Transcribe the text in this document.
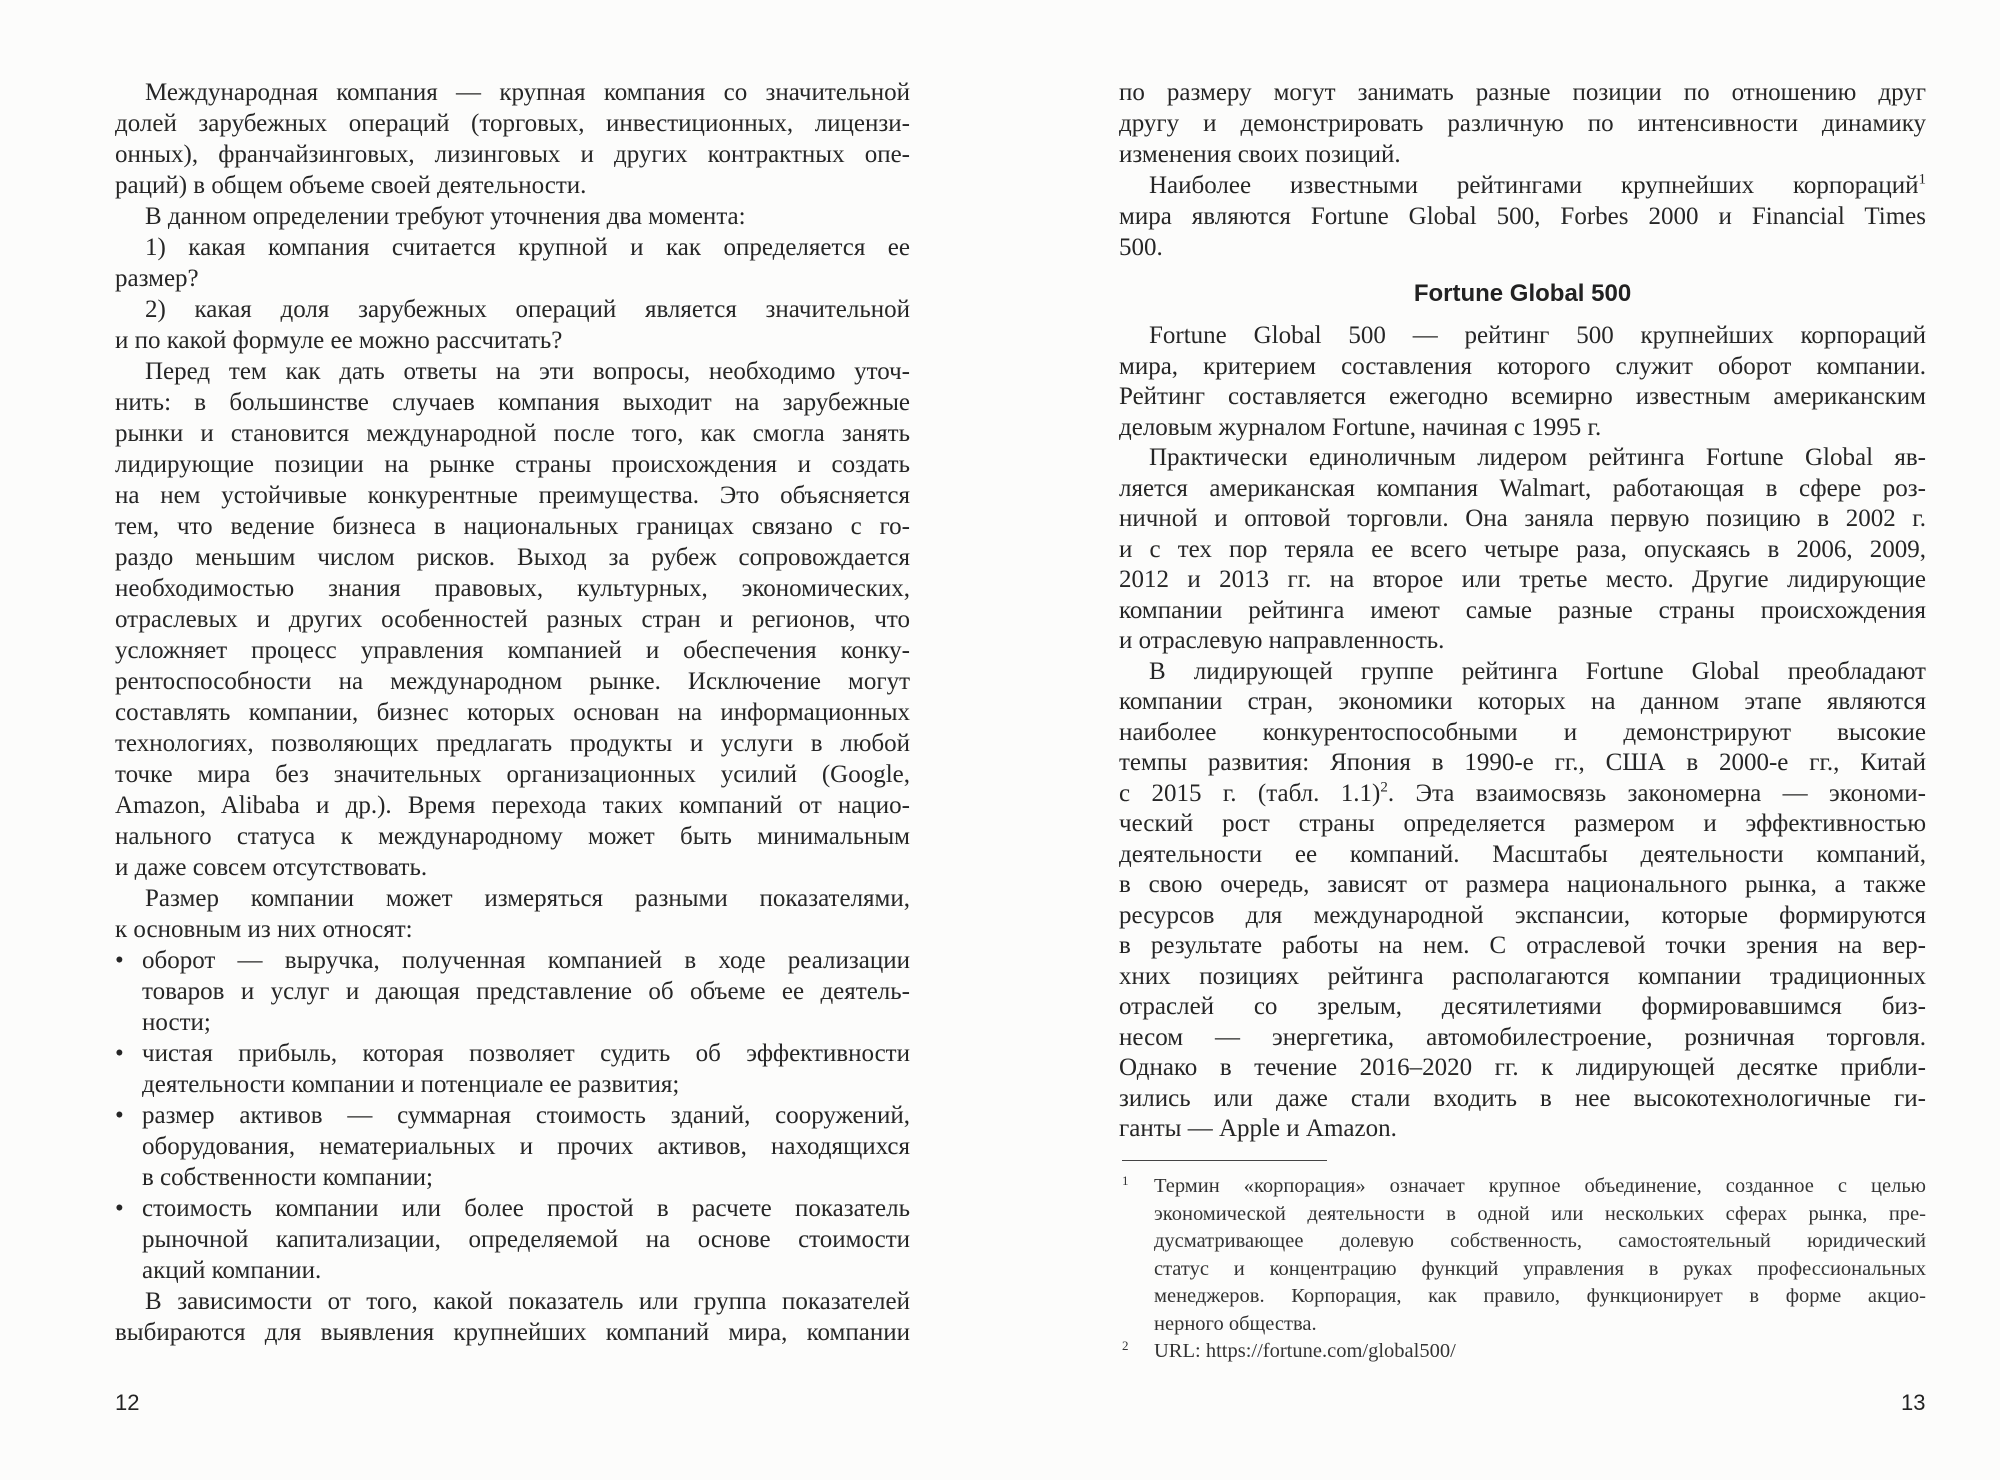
Международная компания — крупная компания со значительной
долей зарубежных операций (торговых, инвестиционных, лицензи-
онных), франчайзинговых, лизинговых и других контрактных опе-
раций) в общем объеме своей деятельности.
В данном определении требуют уточнения два момента:
1) какая компания считается крупной и как определяется ее
размер?
2) какая доля зарубежных операций является значительной
и по какой формуле ее можно рассчитать?
Перед тем как дать ответы на эти вопросы, необходимо уточ-
нить: в большинстве случаев компания выходит на зарубежные
рынки и становится международной после того, как смогла занять
лидирующие позиции на рынке страны происхождения и создать
на нем устойчивые конкурентные преимущества. Это объясняется
тем, что ведение бизнеса в национальных границах связано с го-
раздо меньшим числом рисков. Выход за рубеж сопровождается
необходимостью знания правовых, культурных, экономических,
отраслевых и других особенностей разных стран и регионов, что
усложняет процесс управления компанией и обеспечения конку-
рентоспособности на международном рынке. Исключение могут
составлять компании, бизнес которых основан на информационных
технологиях, позволяющих предлагать продукты и услуги в любой
точке мира без значительных организационных усилий (Google,
Amazon, Alibaba и др.). Время перехода таких компаний от нацио-
нального статуса к международному может быть минимальным
и даже совсем отсутствовать.
Размер компании может измеряться разными показателями,
к основным из них относят:
• оборот — выручка, полученная компанией в ходе реализации
товаров и услуг и дающая представление об объеме ее деятель-
ности;
• чистая прибыль, которая позволяет судить об эффективности
деятельности компании и потенциале ее развития;
• размер активов — суммарная стоимость зданий, сооружений,
оборудования, нематериальных и прочих активов, находящихся
в собственности компании;
• стоимость компании или более простой в расчете показатель
рыночной капитализации, определяемой на основе стоимости
акций компании.
В зависимости от того, какой показатель или группа показателей
выбираются для выявления крупнейших компаний мира, компании
по размеру могут занимать разные позиции по отношению друг
другу и демонстрировать различную по интенсивности динамику
изменения своих позиций.
Наиболее известными рейтингами крупнейших корпораций$^1$
мира являются Fortune Global 500, Forbes 2000 и Financial Times
500.
Fortune Global 500
Fortune Global 500 — рейтинг 500 крупнейших корпораций
мира, критерием составления которого служит оборот компании.
Рейтинг составляется ежегодно всемирно известным американским
деловым журналом Fortune, начиная с 1995 г.
Практически единоличным лидером рейтинга Fortune Global яв-
ляется американская компания Walmart, работающая в сфере роз-
ничной и оптовой торговли. Она заняла первую позицию в 2002 г.
и с тех пор теряла ее всего четыре раза, опускаясь в 2006, 2009,
2012 и 2013 гг. на второе или третье место. Другие лидирующие
компании рейтинга имеют самые разные страны происхождения
и отраслевую направленность.
В лидирующей группе рейтинга Fortune Global преобладают
компании стран, экономики которых на данном этапе являются
наиболее конкурентоспособными и демонстрируют высокие
темпы развития: Япония в 1990-е гг., США в 2000-е гг., Китай
с 2015 г. (табл. 1.1)$^2$. Эта взаимосвязь закономерна — экономи-
ческий рост страны определяется размером и эффективностью
деятельности ее компаний. Масштабы деятельности компаний,
в свою очередь, зависят от размера национального рынка, а также
ресурсов для международной экспансии, которые формируются
в результате работы на нем. С отраслевой точки зрения на вер-
хних позициях рейтинга располагаются компании традиционных
отраслей со зрелым, десятилетиями формировавшимся биз-
несом — энергетика, автомобилестроение, розничная торговля.
Однако в течение 2016–2020 гг. к лидирующей десятке прибли-
зились или даже стали входить в нее высокотехнологичные ги-
ганты — Apple и Amazon.
1 Термин «корпорация» означает крупное объединение, созданное с целью
экономической деятельности в одной или нескольких сферах рынка, пре-
дусматривающее долевую собственность, самостоятельный юридический
статус и концентрацию функций управления в руках профессиональных
менеджеров. Корпорация, как правило, функционирует в форме акцио-
нерного общества.
2 URL: https://fortune.com/global500/
12	13
